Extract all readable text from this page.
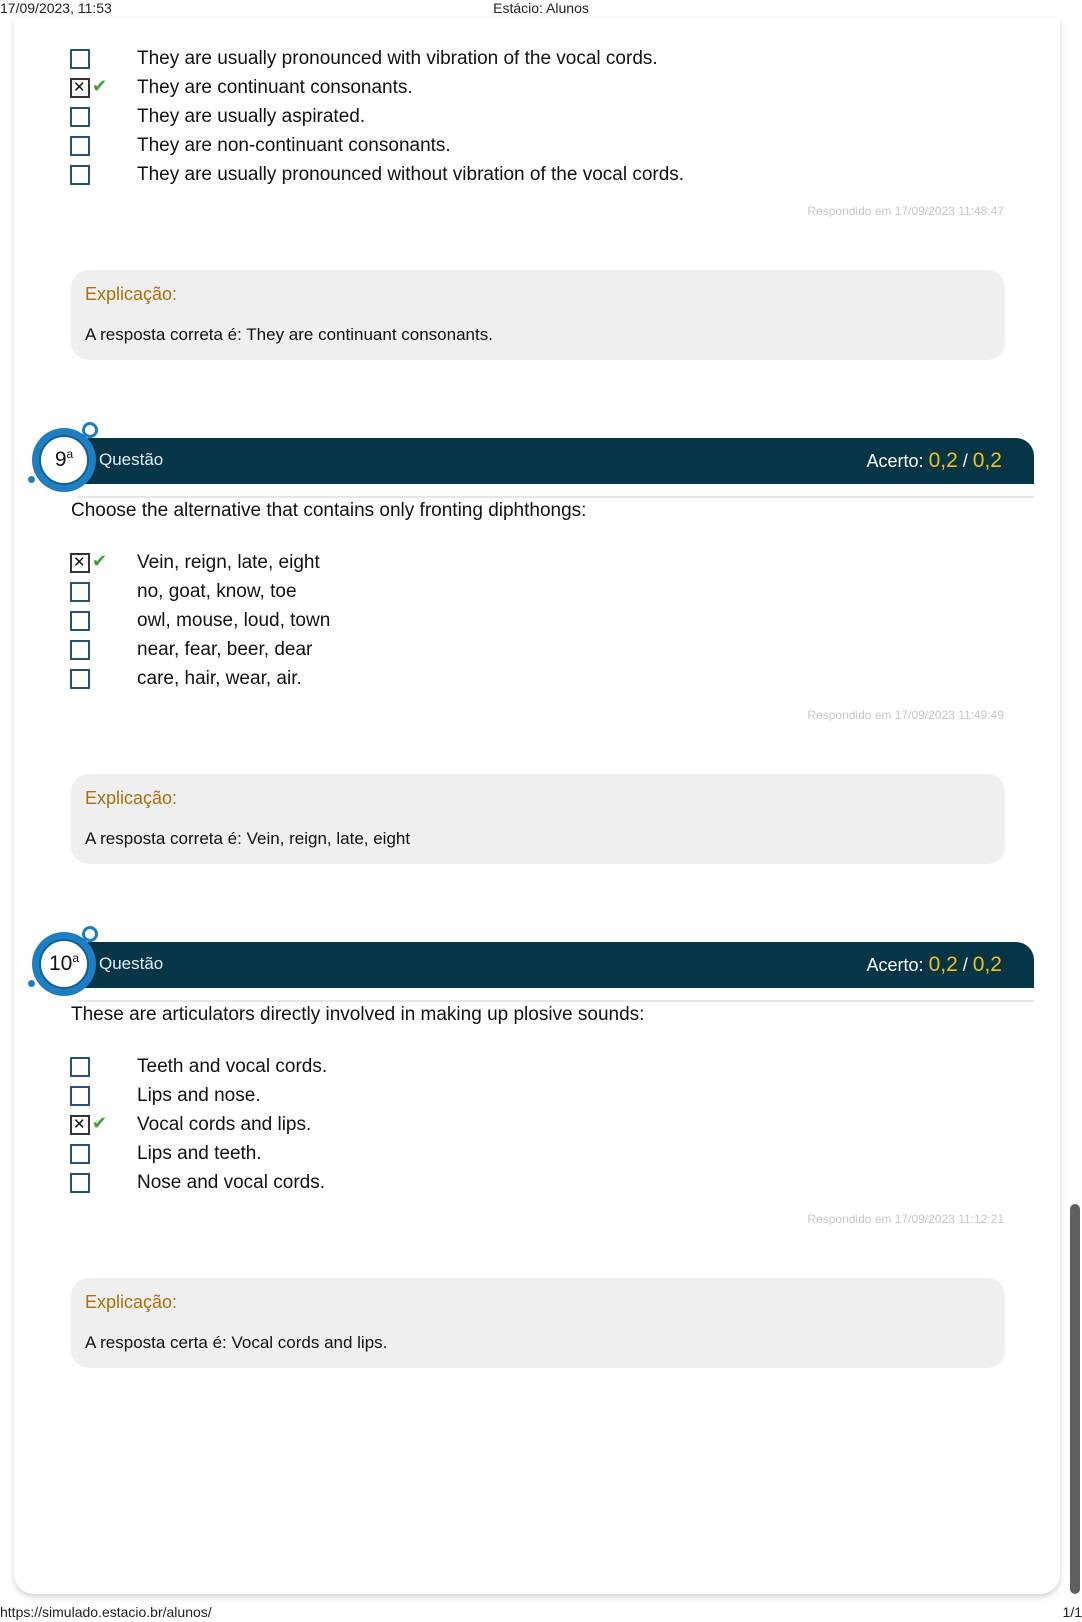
17/09/2023, 11:53	Estácio: Alunos
They are usually pronounced with vibration of the vocal cords.
✕
✔	They are continuant consonants.
They are usually aspirated.
They are non-continuant consonants.
They are usually pronounced without vibration of the vocal cords.
Respondido em 17/09/2023 11:48:47
Explicação:
A resposta correta é: They are continuant consonants.
Questão	Acerto: 0,2 / 0,2
9$^a$
Choose the alternative that contains only fronting diphthongs:
✕
✔	Vein, reign, late, eight
no, goat, know, toe
owl, mouse, loud, town
near, fear, beer, dear
care, hair, wear, air.
Respondido em 17/09/2023 11:49:49
Explicação:
A resposta correta é: Vein, reign, late, eight
Questão	Acerto: 0,2 / 0,2
10$^a$
These are articulators directly involved in making up plosive sounds:
Teeth and vocal cords.
Lips and nose.
✕
✔	Vocal cords and lips.
Lips and teeth.
Nose and vocal cords.
Respondido em 17/09/2023 11:12:21
Explicação:
A resposta certa é: Vocal cords and lips.
https://simulado.estacio.br/alunos/	1/1
